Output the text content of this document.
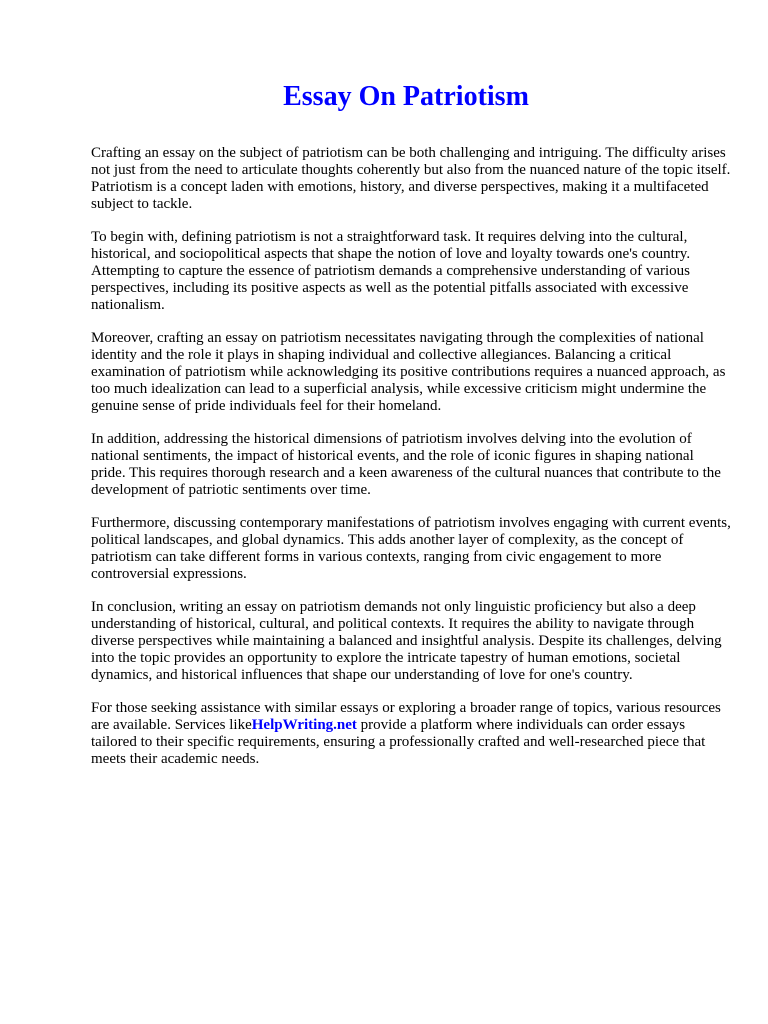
Essay On Patriotism

Crafting an essay on the subject of patriotism can be both challenging and intriguing. The difficulty arises not just from the need to articulate thoughts coherently but also from the nuanced nature of the topic itself. Patriotism is a concept laden with emotions, history, and diverse perspectives, making it a multifaceted subject to tackle.

To begin with, defining patriotism is not a straightforward task. It requires delving into the cultural, historical, and sociopolitical aspects that shape the notion of love and loyalty towards one's country. Attempting to capture the essence of patriotism demands a comprehensive understanding of various perspectives, including its positive aspects as well as the potential pitfalls associated with excessive nationalism.

Moreover, crafting an essay on patriotism necessitates navigating through the complexities of national identity and the role it plays in shaping individual and collective allegiances. Balancing a critical examination of patriotism while acknowledging its positive contributions requires a nuanced approach, as too much idealization can lead to a superficial analysis, while excessive criticism might undermine the genuine sense of pride individuals feel for their homeland.

In addition, addressing the historical dimensions of patriotism involves delving into the evolution of national sentiments, the impact of historical events, and the role of iconic figures in shaping national pride. This requires thorough research and a keen awareness of the cultural nuances that contribute to the development of patriotic sentiments over time.

Furthermore, discussing contemporary manifestations of patriotism involves engaging with current events, political landscapes, and global dynamics. This adds another layer of complexity, as the concept of patriotism can take different forms in various contexts, ranging from civic engagement to more controversial expressions.

In conclusion, writing an essay on patriotism demands not only linguistic proficiency but also a deep understanding of historical, cultural, and political contexts. It requires the ability to navigate through diverse perspectives while maintaining a balanced and insightful analysis. Despite its challenges, delving into the topic provides an opportunity to explore the intricate tapestry of human emotions, societal dynamics, and historical influences that shape our understanding of love for one's country.

For those seeking assistance with similar essays or exploring a broader range of topics, various resources are available. Services likeHelpWriting.net provide a platform where individuals can order essays tailored to their specific requirements, ensuring a professionally crafted and well-researched piece that meets their academic needs.
